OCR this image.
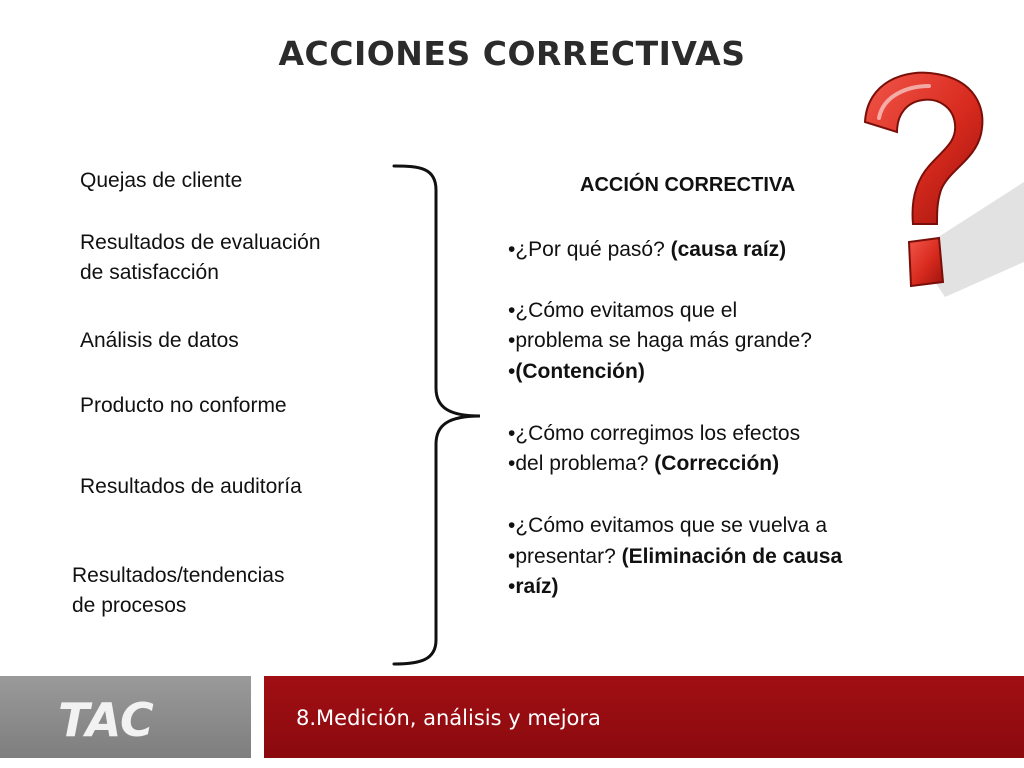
ACCIONES CORRECTIVAS
Quejas de cliente
Resultados de evaluación
de satisfacción
Análisis de datos
Producto no conforme
Resultados de auditoría
Resultados/tendencias
de procesos
ACCIÓN CORRECTIVA
•¿Por qué pasó? (causa raíz)
•¿Cómo evitamos que el
•problema se haga más grande?
•(Contención)
•¿Cómo corregimos los efectos
•del problema? (Corrección)
•¿Cómo evitamos que se vuelva a
•presentar? (Eliminación de causa
•raíz)
TAC	8.Medición, análisis y mejora
